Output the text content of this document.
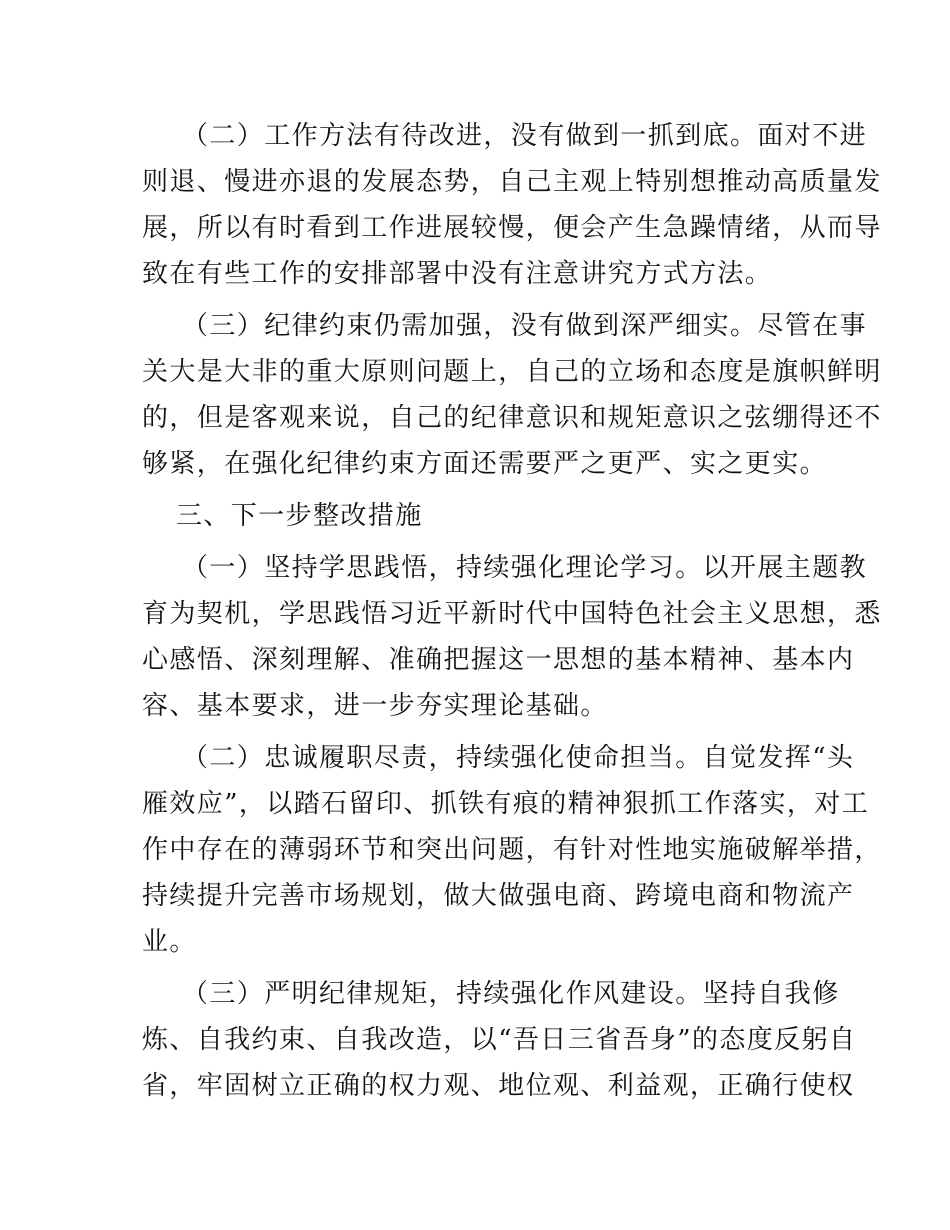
（二）工作方法有待改进，没有做到一抓到底。面对不进
则退、慢进亦退的发展态势，自己主观上特别想推动高质量发
展，所以有时看到工作进展较慢，便会产生急躁情绪，从而导
致在有些工作的安排部署中没有注意讲究方式方法。
（三）纪律约束仍需加强，没有做到深严细实。尽管在事
关大是大非的重大原则问题上，自己的立场和态度是旗帜鲜明
的，但是客观来说，自己的纪律意识和规矩意识之弦绷得还不
够紧，在强化纪律约束方面还需要严之更严、实之更实。
三、下一步整改措施
（一）坚持学思践悟，持续强化理论学习。以开展主题教
育为契机，学思践悟习近平新时代中国特色社会主义思想，悉
心感悟、深刻理解、准确把握这一思想的基本精神、基本内
容、基本要求，进一步夯实理论基础。
（二）忠诚履职尽责，持续强化使命担当。自觉发挥“头
雁效应”，以踏石留印、抓铁有痕的精神狠抓工作落实，对工
作中存在的薄弱环节和突出问题，有针对性地实施破解举措，
持续提升完善市场规划，做大做强电商、跨境电商和物流产
业。
（三）严明纪律规矩，持续强化作风建设。坚持自我修
炼、自我约束、自我改造，以“吾日三省吾身”的态度反躬自
省，牢固树立正确的权力观、地位观、利益观，正确行使权
